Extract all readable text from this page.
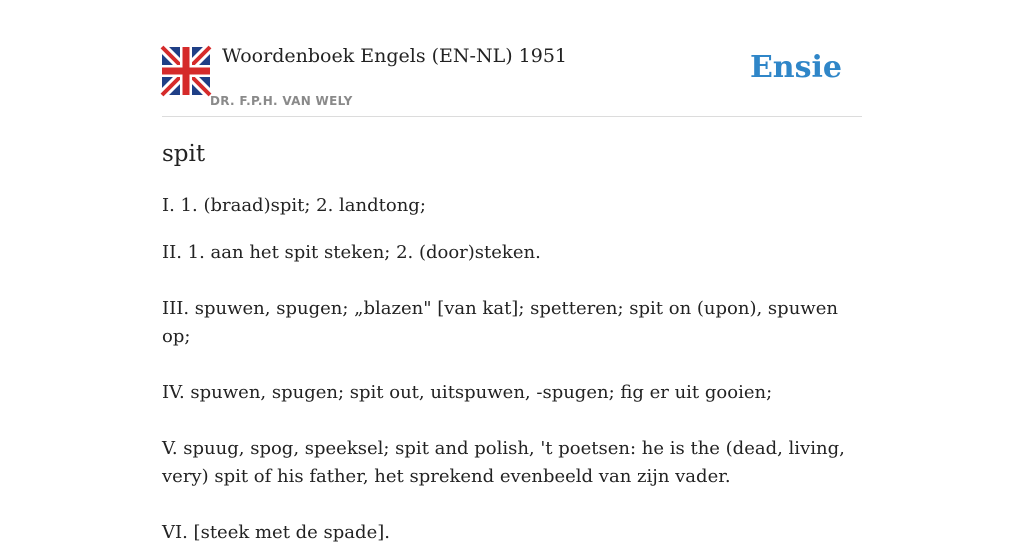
Woordenboek Engels (EN-NL) 1951
DR. F.P.H. VAN WELY
Ensie
spit

I. 1. (braad)spit; 2. landtong;

II. 1. aan het spit steken; 2. (door)steken.

III. spuwen, spugen; „blazen" [van kat]; spetteren; spit on (upon), spuwen op;

IV. spuwen, spugen; spit out, uitspuwen, -spugen; fig er uit gooien;

V. spuug, spog, speeksel; spit and polish, 't poetsen: he is the (dead, living, very) spit of his father, het sprekend evenbeeld van zijn vader.

VI. [steek met de spade].
